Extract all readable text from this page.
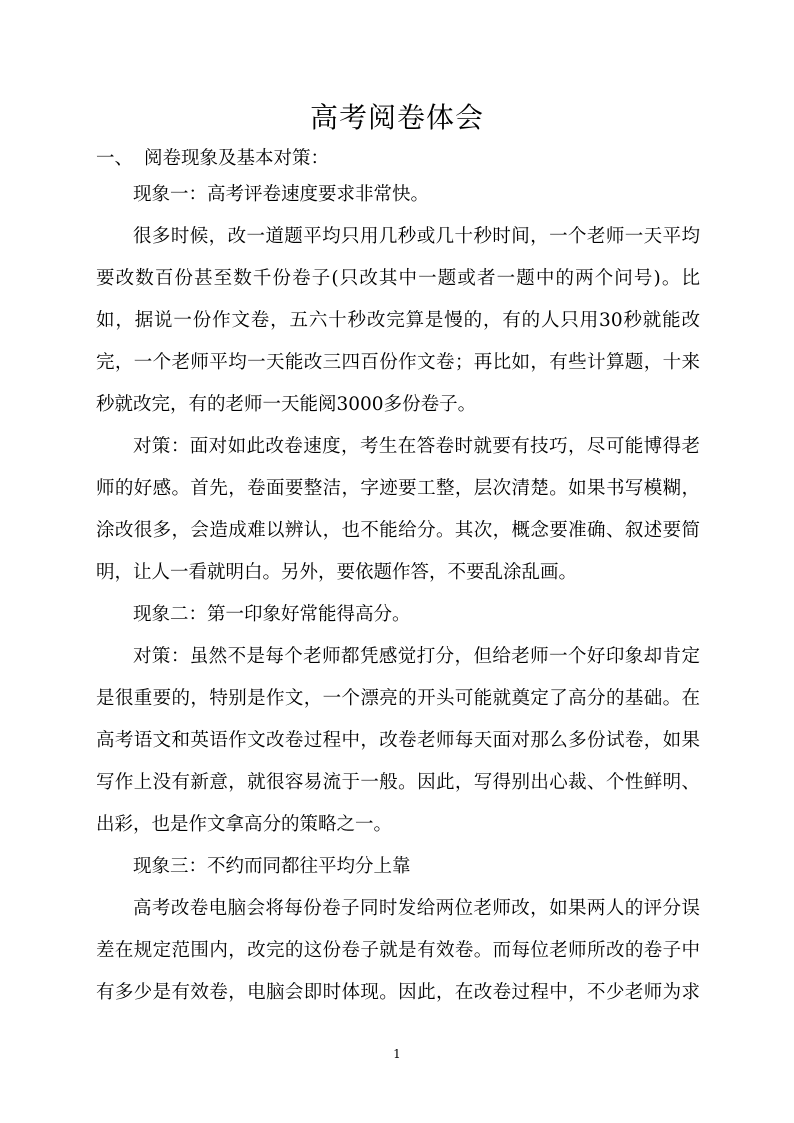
高考阅卷体会
一、 阅卷现象及基本对策：

现象一：高考评卷速度要求非常快。

很多时候，改一道题平均只用几秒或几十秒时间，一个老师一天平均要改数百份甚至数千份卷子(只改其中一题或者一题中的两个问号)。比如，据说一份作文卷，五六十秒改完算是慢的，有的人只用30秒就能改完，一个老师平均一天能改三四百份作文卷；再比如，有些计算题，十来秒就改完，有的老师一天能阅3000多份卷子。

对策：面对如此改卷速度，考生在答卷时就要有技巧，尽可能博得老师的好感。首先，卷面要整洁，字迹要工整，层次清楚。如果书写模糊，涂改很多，会造成难以辨认，也不能给分。其次，概念要准确、叙述要简明，让人一看就明白。另外，要依题作答，不要乱涂乱画。

现象二：第一印象好常能得高分。

对策：虽然不是每个老师都凭感觉打分，但给老师一个好印象却肯定是很重要的，特别是作文，一个漂亮的开头可能就奠定了高分的基础。在高考语文和英语作文改卷过程中，改卷老师每天面对那么多份试卷，如果写作上没有新意，就很容易流于一般。因此，写得别出心裁、个性鲜明、出彩，也是作文拿高分的策略之一。

现象三：不约而同都往平均分上靠

高考改卷电脑会将每份卷子同时发给两位老师改，如果两人的评分误差在规定范围内，改完的这份卷子就是有效卷。而每位老师所改的卷子中有多少是有效卷，电脑会即时体现。因此，在改卷过程中，不少老师为求

1
